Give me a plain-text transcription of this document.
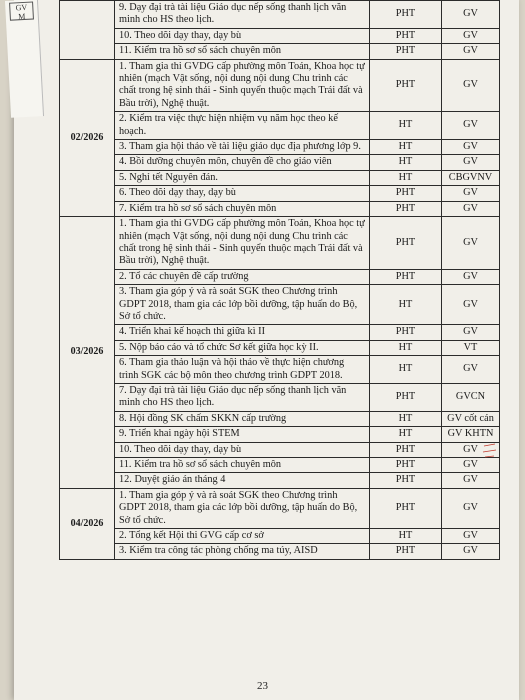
GV
M
	9. Dạy đại trà tài liệu Giáo dục nếp sống thanh lịch văn minh cho HS theo lịch.	PHT	GV
	10. Theo dõi dạy thay, dạy bù	PHT	GV
	11. Kiểm tra hồ sơ sổ sách chuyên môn	PHT	GV
02/2026	1. Tham gia thi GVDG cấp phường môn Toán, Khoa học tự nhiên (mạch Vật sống, nội dung nội dung Chu trình các chất trong hệ sinh thái - Sinh quyển thuộc mạch Trái đất và Bầu trời), Nghệ thuật.	PHT	GV
	2. Kiểm tra việc thực hiện nhiệm vụ năm học theo kế hoạch.	HT	GV
	3. Tham gia hội thảo về tài liệu giáo dục địa phương lớp 9.	HT	GV
	4. Bồi dưỡng chuyên môn, chuyên đề cho giáo viên	HT	GV
	5. Nghỉ tết Nguyên đán.	HT	CBGVNV
	6. Theo dõi dạy thay, dạy bù	PHT	GV
	7. Kiểm tra hồ sơ sổ sách chuyên môn	PHT	GV
03/2026	1. Tham gia thi GVDG cấp phường môn Toán, Khoa học tự nhiên (mạch Vật sống, nội dung nội dung Chu trình các chất trong hệ sinh thái - Sinh quyển thuộc mạch Trái đất và Bầu trời), Nghệ thuật.	PHT	GV
	2. Tổ các chuyên đề cấp trường	PHT	GV
	3. Tham gia góp ý và rà soát SGK theo Chương trình GDPT 2018, tham gia các lớp bồi dưỡng, tập huấn do Bộ, Sở tổ chức.	HT	GV
	4. Triển khai kế hoạch thi giữa kì II	PHT	GV
	5. Nộp báo cáo và tổ chức Sơ kết giữa học kỳ II.	HT	VT
	6. Tham gia thảo luận và hội thảo về thực hiện chương trình SGK các bộ môn theo chương trình GDPT 2018.	HT	GV
	7. Dạy đại trà tài liệu Giáo dục nếp sống thanh lịch văn minh cho HS theo lịch.	PHT	GVCN
	8. Hội đồng SK chấm SKKN cấp trường	HT	GV cốt cán
	9. Triển khai ngày hội STEM	HT	GV KHTN
	10. Theo dõi dạy thay, dạy bù	PHT	GV
	11. Kiểm tra hồ sơ sổ sách chuyên môn	PHT	GV
	12. Duyệt giáo án tháng 4	PHT	GV
04/2026	1. Tham gia góp ý và rà soát SGK theo Chương trình GDPT 2018, tham gia các lớp bồi dưỡng, tập huấn do Bộ, Sở tổ chức.	PHT	GV
	2. Tổng kết Hội thi GVG cấp cơ sở	HT	GV
	3. Kiểm tra công tác phòng chống ma túy, AISD	PHT	GV
23
